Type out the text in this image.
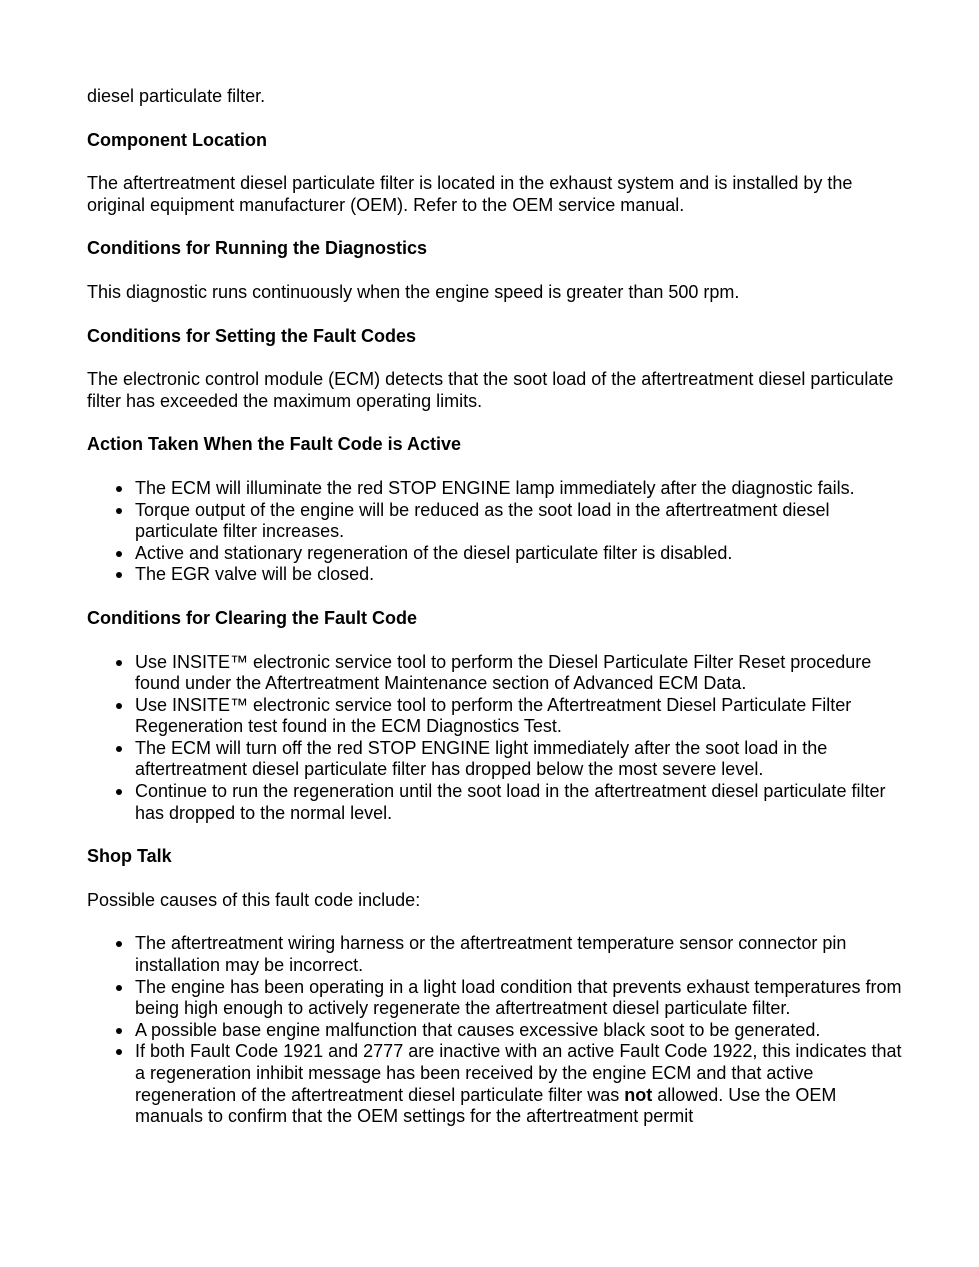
diesel particulate filter.

Component Location

The aftertreatment diesel particulate filter is located in the exhaust system and is installed by the original equipment manufacturer (OEM). Refer to the OEM service manual.

Conditions for Running the Diagnostics

This diagnostic runs continuously when the engine speed is greater than 500 rpm.

Conditions for Setting the Fault Codes

The electronic control module (ECM) detects that the soot load of the aftertreatment diesel particulate filter has exceeded the maximum operating limits.

Action Taken When the Fault Code is Active
The ECM will illuminate the red STOP ENGINE lamp immediately after the diagnostic fails.
Torque output of the engine will be reduced as the soot load in the aftertreatment diesel particulate filter increases.
Active and stationary regeneration of the diesel particulate filter is disabled.
The EGR valve will be closed.
Conditions for Clearing the Fault Code
Use INSITE™ electronic service tool to perform the Diesel Particulate Filter Reset procedure found under the Aftertreatment Maintenance section of Advanced ECM Data.
Use INSITE™ electronic service tool to perform the Aftertreatment Diesel Particulate Filter Regeneration test found in the ECM Diagnostics Test.
The ECM will turn off the red STOP ENGINE light immediately after the soot load in the aftertreatment diesel particulate filter has dropped below the most severe level.
Continue to run the regeneration until the soot load in the aftertreatment diesel particulate filter has dropped to the normal level.
Shop Talk

Possible causes of this fault code include:

The aftertreatment wiring harness or the aftertreatment temperature sensor connector pin installation may be incorrect.
The engine has been operating in a light load condition that prevents exhaust temperatures from being high enough to actively regenerate the aftertreatment diesel particulate filter.
A possible base engine malfunction that causes excessive black soot to be generated.
If both Fault Code 1921 and 2777 are inactive with an active Fault Code 1922, this indicates that a regeneration inhibit message has been received by the engine ECM and that active regeneration of the aftertreatment diesel particulate filter was not allowed. Use the OEM manuals to confirm that the OEM settings for the aftertreatment permit
